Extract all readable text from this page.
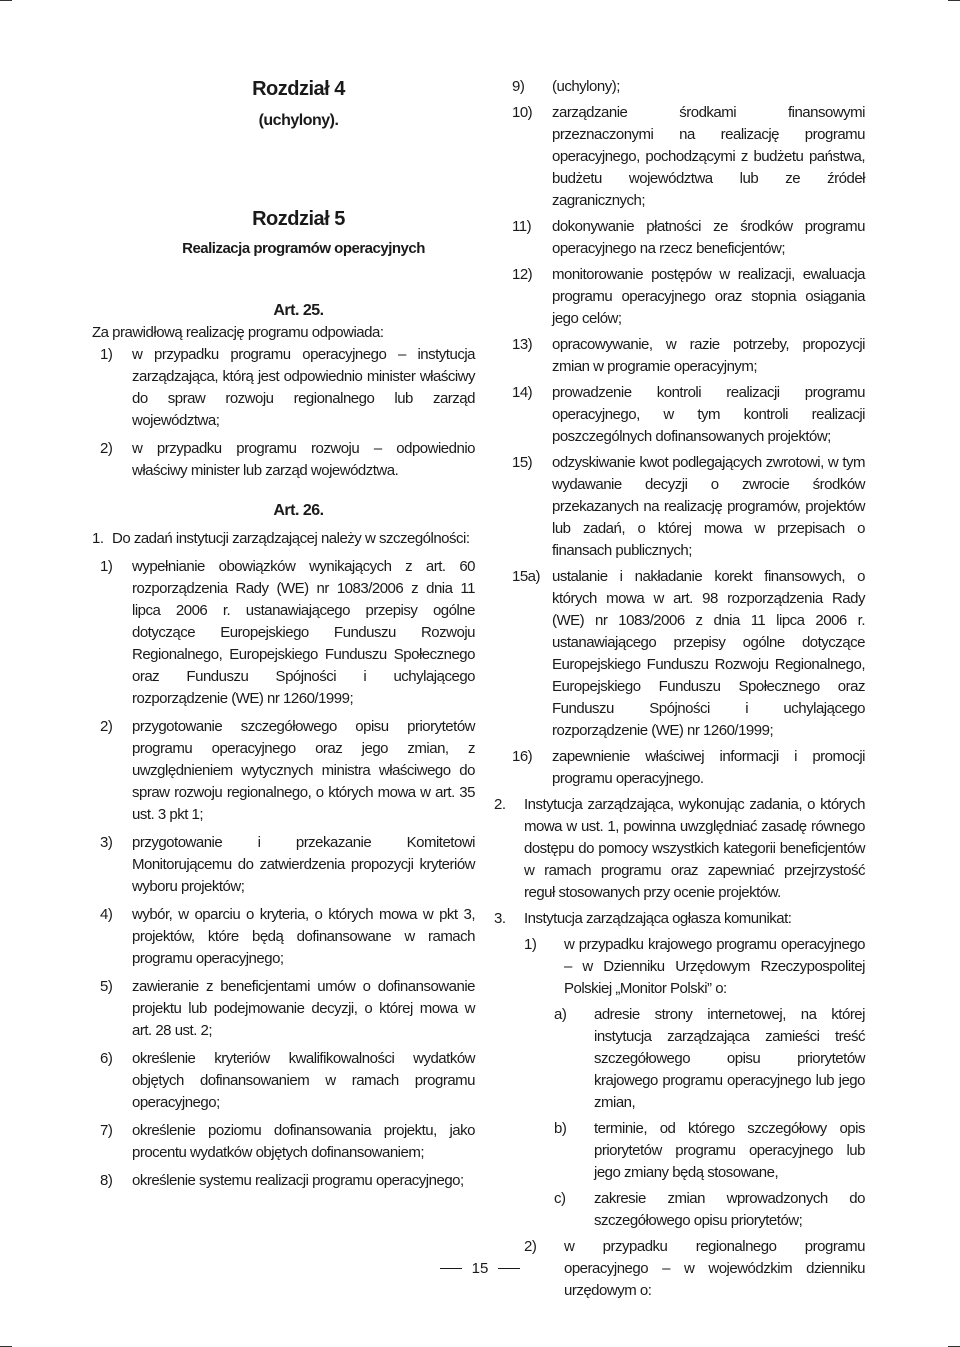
Rozdział 4
(uchylony).
Rozdział 5
Realizacja programów operacyjnych
Art. 25.
Za prawidłową realizację programu odpowiada:
1)	w przypadku programu operacyjnego – instytucja zarządzająca, którą jest odpowiednio minister właściwy do spraw rozwoju regionalnego lub zarząd województwa;
2)	w przypadku programu rozwoju – odpowiednio właściwy minister lub zarząd województwa.
Art. 26.
1. Do zadań instytucji zarządzającej należy w szczególności:
1)	wypełnianie obowiązków wynikających z art. 60 rozporządzenia Rady (WE) nr 1083/2006 z dnia 11 lipca 2006 r. ustanawiającego przepisy ogólne dotyczące Europejskiego Funduszu Rozwoju Regionalnego, Europejskiego Funduszu Społecznego oraz Funduszu Spójności i uchylającego rozporządzenie (WE) nr 1260/1999;
2)	przygotowanie szczegółowego opisu priorytetów programu operacyjnego oraz jego zmian, z uwzględnieniem wytycznych ministra właściwego do spraw rozwoju regionalnego, o których mowa w art. 35 ust. 3 pkt 1;
3)	przygotowanie i przekazanie Komitetowi Monitorującemu do zatwierdzenia propozycji kryteriów wyboru projektów;
4)	wybór, w oparciu o kryteria, o których mowa w pkt 3, projektów, które będą dofinansowane w ramach programu operacyjnego;
5)	zawieranie z beneficjentami umów o dofinansowanie projektu lub podejmowanie decyzji, o której mowa w art. 28 ust. 2;
6)	określenie kryteriów kwalifikowalności wydatków objętych dofinansowaniem w ramach programu operacyjnego;
7)	określenie poziomu dofinansowania projektu, jako procentu wydatków objętych dofinansowaniem;
8)	określenie systemu realizacji programu operacyjnego;
9)	(uchylony);
10)	zarządzanie środkami finansowymi przeznaczonymi na realizację programu operacyjnego, pochodzącymi z budżetu państwa, budżetu województwa lub ze źródeł zagranicznych;
11)	dokonywanie płatności ze środków programu operacyjnego na rzecz beneficjentów;
12)	monitorowanie postępów w realizacji, ewaluacja programu operacyjnego oraz stopnia osiągania jego celów;
13)	opracowywanie, w razie potrzeby, propozycji zmian w programie operacyjnym;
14)	prowadzenie kontroli realizacji programu operacyjnego, w tym kontroli realizacji poszczególnych dofinansowanych projektów;
15)	odzyskiwanie kwot podlegających zwrotowi, w tym wydawanie decyzji o zwrocie środków przekazanych na realizację programów, projektów lub zadań, o której mowa w przepisach o finansach publicznych;
15a) ustalanie i nakładanie korekt finansowych, o których mowa w art. 98 rozporządzenia Rady (WE) nr 1083/2006 z dnia 11 lipca 2006 r. ustanawiającego przepisy ogólne dotyczące Europejskiego Funduszu Rozwoju Regionalnego, Europejskiego Funduszu Społecznego oraz Funduszu Spójności i uchylającego rozporządzenie (WE) nr 1260/1999;
16)	zapewnienie właściwej informacji i promocji programu operacyjnego.
2.	Instytucja zarządzająca, wykonując zadania, o których mowa w ust. 1, powinna uwzględniać zasadę równego dostępu do pomocy wszystkich kategorii beneficjentów w ramach programu oraz zapewniać przejrzystość reguł stosowanych przy ocenie projektów.
3.	Instytucja zarządzająca ogłasza komunikat:
1)	w przypadku krajowego programu operacyjnego – w Dzienniku Urzędowym Rzeczypospolitej Polskiej „Monitor Polski” o:
a)	adresie strony internetowej, na której instytucja zarządzająca zamieści treść szczegółowego opisu priorytetów krajowego programu operacyjnego lub jego zmian,
b)	terminie, od którego szczegółowy opis priorytetów programu operacyjnego lub jego zmiany będą stosowane,
c)	zakresie zmian wprowadzonych do szczegółowego opisu priorytetów;
2)	w przypadku regionalnego programu operacyjnego – w wojewódzkim dzienniku urzędowym o:
15
